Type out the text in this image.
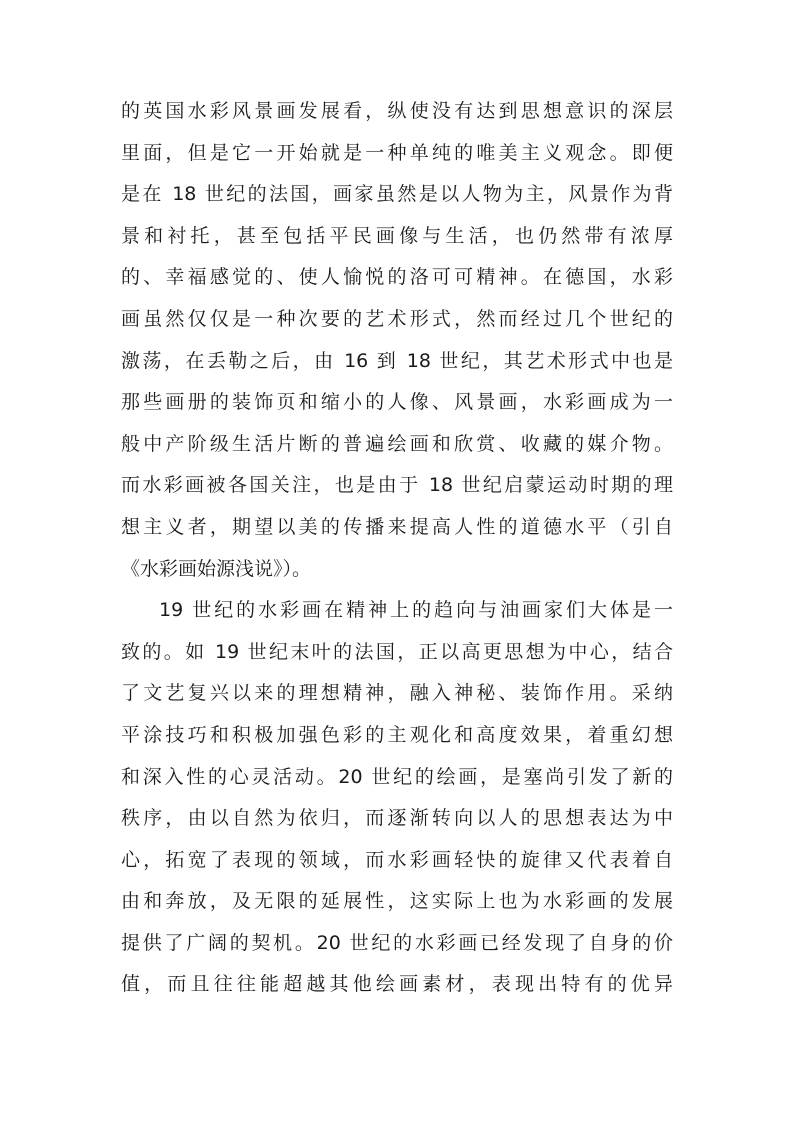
的英国水彩风景画发展看，纵使没有达到思想意识的深层
里面，但是它一开始就是一种单纯的唯美主义观念。即便
是在 18 世纪的法国，画家虽然是以人物为主，风景作为背
景和衬托，甚至包括平民画像与生活，也仍然带有浓厚
的、幸福感觉的、使人愉悦的洛可可精神。在德国，水彩
画虽然仅仅是一种次要的艺术形式，然而经过几个世纪的
激荡，在丢勒之后，由 16 到 18 世纪，其艺术形式中也是
那些画册的装饰页和缩小的人像、风景画，水彩画成为一
般中产阶级生活片断的普遍绘画和欣赏、收藏的媒介物。
而水彩画被各国关注，也是由于 18 世纪启蒙运动时期的理
想主义者，期望以美的传播来提高人性的道德水平（引自
《水彩画始源浅说》）。
19 世纪的水彩画在精神上的趋向与油画家们大体是一
致的。如 19 世纪末叶的法国，正以高更思想为中心，结合
了文艺复兴以来的理想精神，融入神秘、装饰作用。采纳
平涂技巧和积极加强色彩的主观化和高度效果，着重幻想
和深入性的心灵活动。20 世纪的绘画，是塞尚引发了新的
秩序，由以自然为依归，而逐渐转向以人的思想表达为中
心，拓宽了表现的领域，而水彩画轻快的旋律又代表着自
由和奔放，及无限的延展性，这实际上也为水彩画的发展
提供了广阔的契机。20 世纪的水彩画已经发现了自身的价
值，而且往往能超越其他绘画素材，表现出特有的优异
